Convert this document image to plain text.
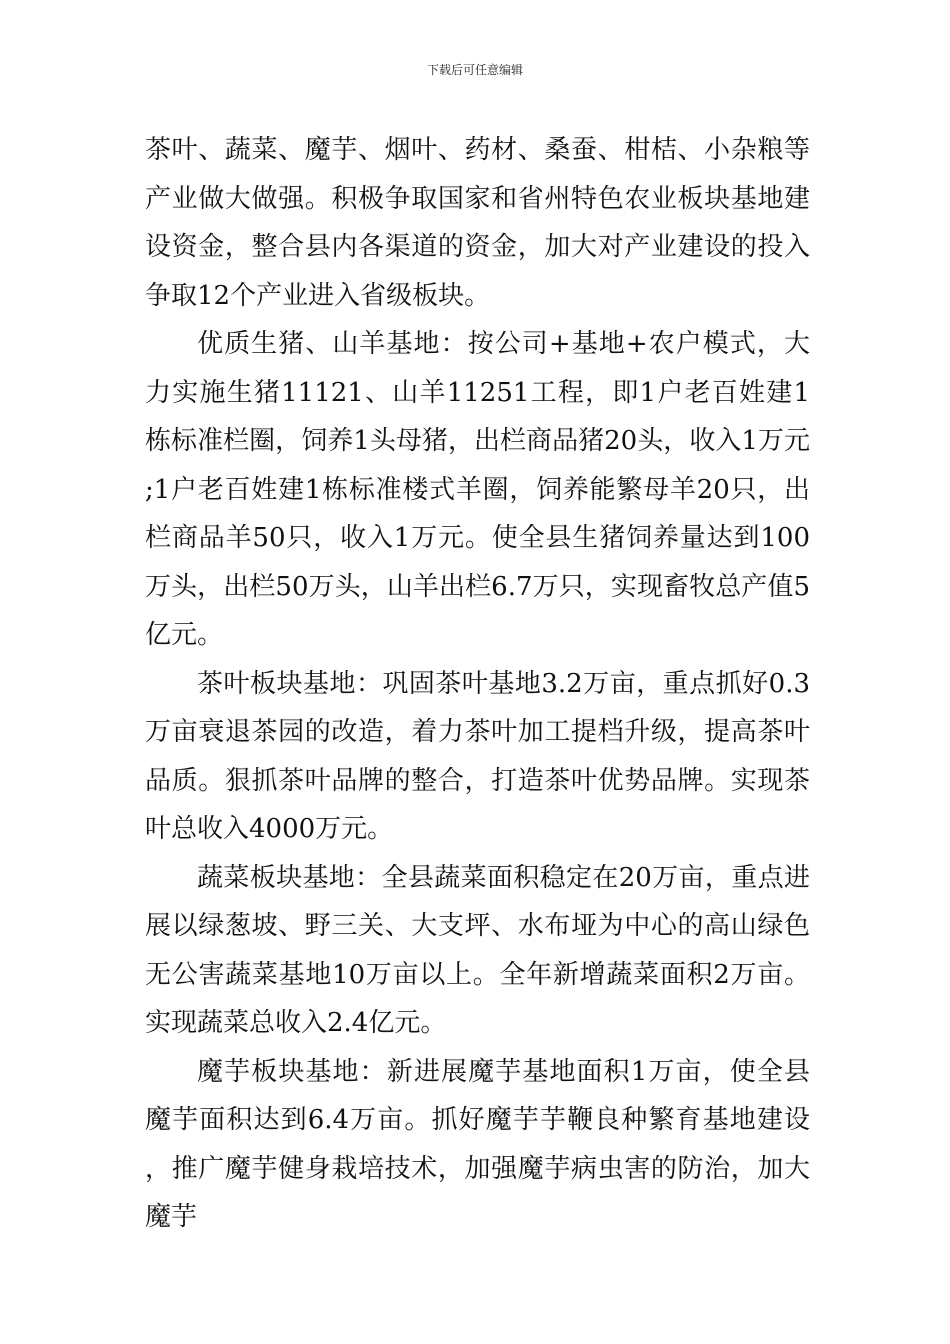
下载后可任意编辑

茶叶、蔬菜、魔芋、烟叶、药材、桑蚕、柑桔、小杂粮等产业做大做强。积极争取国家和省州特色农业板块基地建设资金，整合县内各渠道的资金，加大对产业建设的投入争取12个产业进入省级板块。

优质生猪、山羊基地：按公司+基地+农户模式，大力实施生猪11121、山羊11251工程，即1户老百姓建1栋标准栏圈，饲养1头母猪，出栏商品猪20头，收入1万元;1户老百姓建1栋标准楼式羊圈，饲养能繁母羊20只，出栏商品羊50只，收入1万元。使全县生猪饲养量达到100万头，出栏50万头，山羊出栏6.7万只，实现畜牧总产值5亿元。

茶叶板块基地：巩固茶叶基地3.2万亩，重点抓好0.3万亩衰退茶园的改造，着力茶叶加工提档升级，提高茶叶品质。狠抓茶叶品牌的整合，打造茶叶优势品牌。实现茶叶总收入4000万元。

蔬菜板块基地：全县蔬菜面积稳定在20万亩，重点进展以绿葱坡、野三关、大支坪、水布垭为中心的高山绿色无公害蔬菜基地10万亩以上。全年新增蔬菜面积2万亩。实现蔬菜总收入2.4亿元。

魔芋板块基地：新进展魔芋基地面积1万亩，使全县魔芋面积达到6.4万亩。抓好魔芋芋鞭良种繁育基地建设，推广魔芋健身栽培技术，加强魔芋病虫害的防治，加大魔芋
